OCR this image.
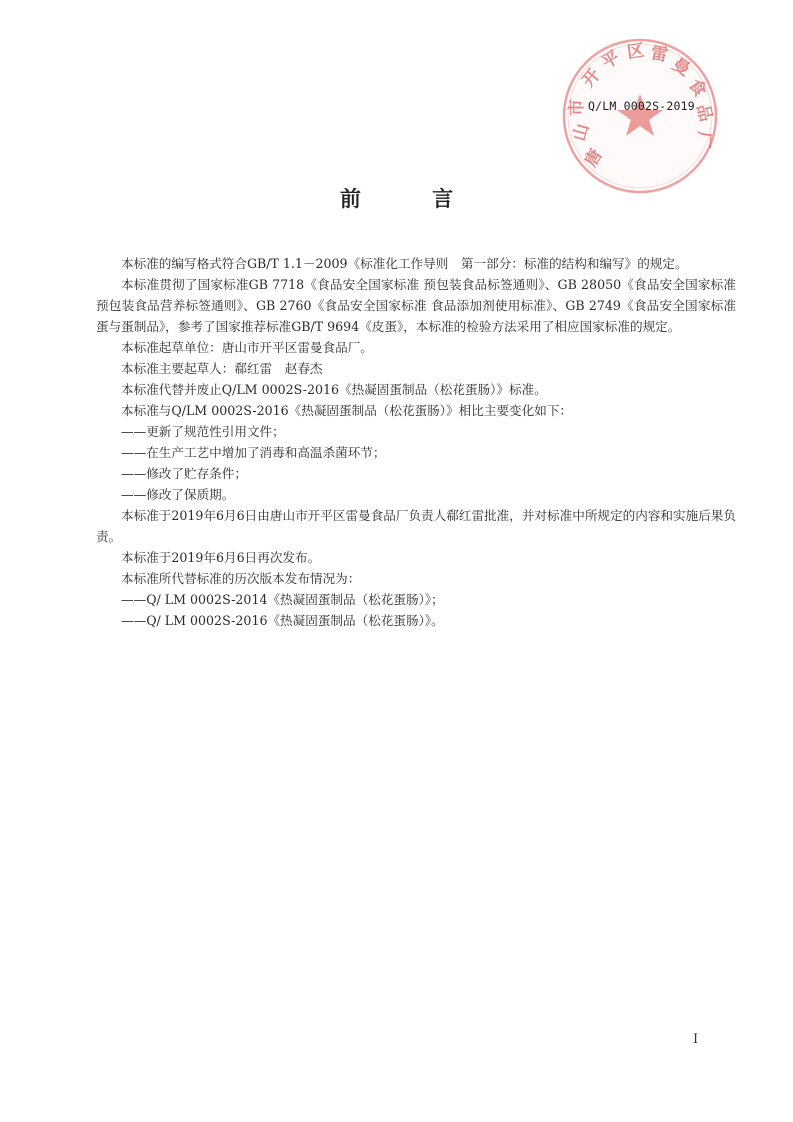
唐
山
市
开
平 区 雷 曼
食
品
厂
Q/LM 0002S-2019
前 言

本标准的编写格式符合GB/T 1.1－2009《标准化工作导则　第一部分：标准的结构和编写》的规定。

本标准贯彻了国家标准GB 7718《食品安全国家标准 预包装食品标签通则》、GB 28050《食品安全国家标准 预包装食品营养标签通则》、GB 2760《食品安全国家标准 食品添加剂使用标准》、GB 2749《食品安全国家标准 蛋与蛋制品》，参考了国家推荐标准GB/T 9694《皮蛋》，本标准的检验方法采用了相应国家标准的规定。

本标准起草单位：唐山市开平区雷曼食品厂。

本标准主要起草人：郗红雷　赵春杰

本标准代替并废止Q/LM 0002S-2016《热凝固蛋制品（松花蛋肠）》标准。

本标准与Q/LM 0002S-2016《热凝固蛋制品（松花蛋肠）》相比主要变化如下：

——更新了规范性引用文件；

——在生产工艺中增加了消毒和高温杀菌环节；

——修改了贮存条件；

——修改了保质期。

本标准于2019年6月6日由唐山市开平区雷曼食品厂负责人郗红雷批准，并对标准中所规定的内容和实施后果负责。

本标准于2019年6月6日再次发布。

本标准所代替标准的历次版本发布情况为：

——Q/ LM 0002S-2014《热凝固蛋制品（松花蛋肠）》；

——Q/ LM 0002S-2016《热凝固蛋制品（松花蛋肠）》。

I
